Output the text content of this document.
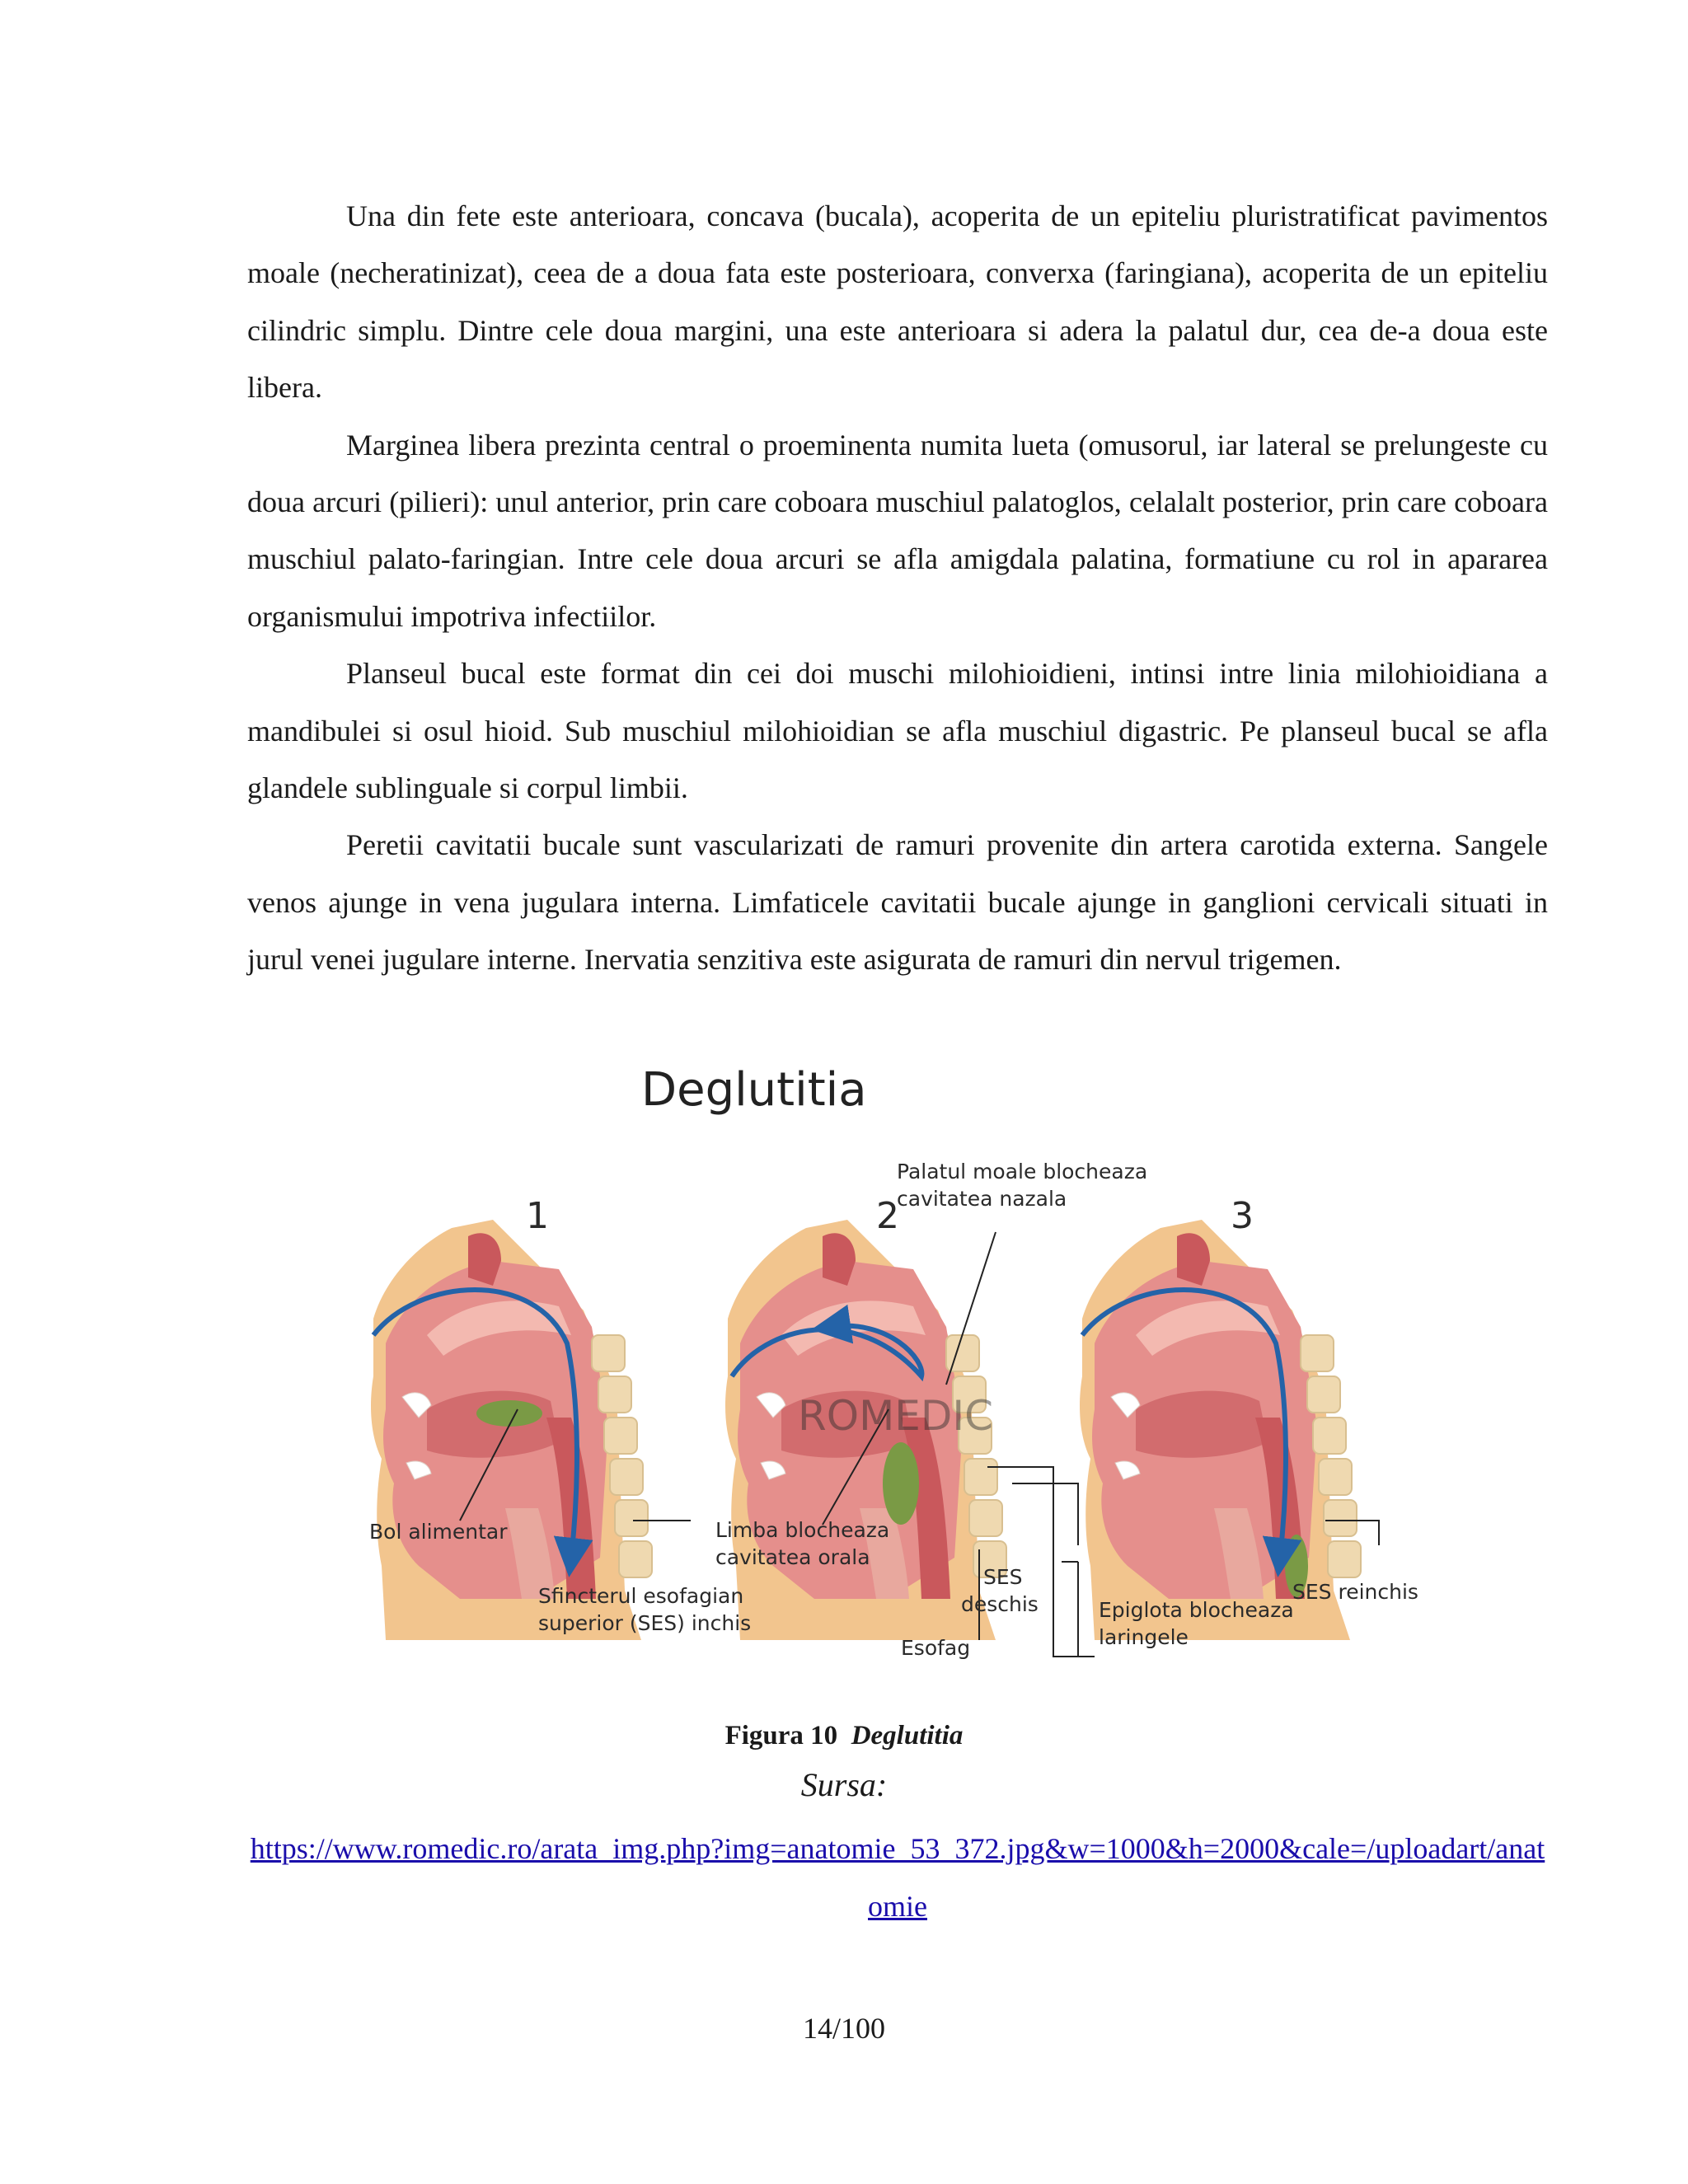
Una din fete este anterioara, concava (bucala), acoperita de un epiteliu pluristratificat pavimentos moale (necheratinizat), ceea de a doua fata este posterioara, converxa (faringiana), acoperita de un epiteliu cilindric simplu. Dintre cele doua margini, una este anterioara si adera la palatul dur, cea de-a doua este libera.

Marginea libera prezinta central o proeminenta numita lueta (omusorul, iar lateral se prelungeste cu doua arcuri (pilieri): unul anterior, prin care coboara muschiul palatoglos, celalalt posterior, prin care coboara muschiul palato-faringian. Intre cele doua arcuri se afla amigdala palatina, formatiune cu rol in apararea organismului impotriva infectiilor.

Planseul bucal este format din cei doi muschi milohioidieni, intinsi intre linia milohioidiana a mandibulei si osul hioid. Sub muschiul milohioidian se afla muschiul digastric. Pe planseul bucal se afla glandele sublinguale si corpul limbii.

Peretii cavitatii bucale sunt vascularizati de ramuri provenite din artera carotida externa. Sangele venos ajunge in vena jugulara interna. Limfaticele cavitatii bucale ajunge in ganglioni cervicali situati in jurul venei jugulare interne. Inervatia senzitiva este asigurata de ramuri din nervul trigemen.

1	2	3
ROMEDIC
Bol alimentar
Sfincterul esofagian
superior (SES) inchis
Limba blocheaza
cavitatea orala
Palatul moale blocheaza
cavitatea nazala
SES
deschis
Esofag
Epiglota blocheaza
laringele
SES reinchis
Deglutitia
Figura 10 Deglutitia
Sursa:
https://www.romedic.ro/arata_img.php?img=anatomie_53_372.jpg&w=1000&h=2000&cale=/uploadart/anatomie
14/100
